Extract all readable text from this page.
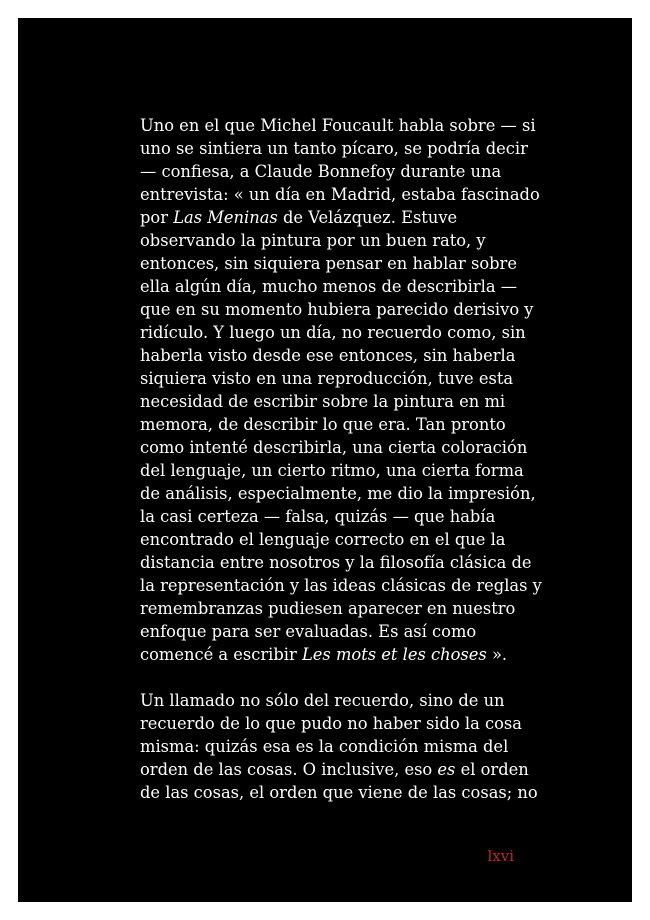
Uno en el que Michel Foucault habla sobre — si
uno se sintiera un tanto pícaro, se podría decir
— confiesa, a Claude Bonnefoy durante una
entrevista: « un día en Madrid, estaba fascinado
por Las Meninas de Velázquez. Estuve
observando la pintura por un buen rato, y
entonces, sin siquiera pensar en hablar sobre
ella algún día, mucho menos de describirla —
que en su momento hubiera parecido derisivo y
ridículo. Y luego un día, no recuerdo como, sin
haberla visto desde ese entonces, sin haberla
siquiera visto en una reproducción, tuve esta
necesidad de escribir sobre la pintura en mi
memora, de describir lo que era. Tan pronto
como intenté describirla, una cierta coloración
del lenguaje, un cierto ritmo, una cierta forma
de análisis, especialmente, me dio la impresión,
la casi certeza — falsa, quizás — que había
encontrado el lenguaje correcto en el que la
distancia entre nosotros y la filosofía clásica de
la representación y las ideas clásicas de reglas y
remembranzas pudiesen aparecer en nuestro
enfoque para ser evaluadas. Es así como
comencé a escribir Les mots et les choses ».
Un llamado no sólo del recuerdo, sino de un
recuerdo de lo que pudo no haber sido la cosa
misma: quizás esa es la condición misma del
orden de las cosas. O inclusive, eso es el orden
de las cosas, el orden que viene de las cosas; no
lxvi
